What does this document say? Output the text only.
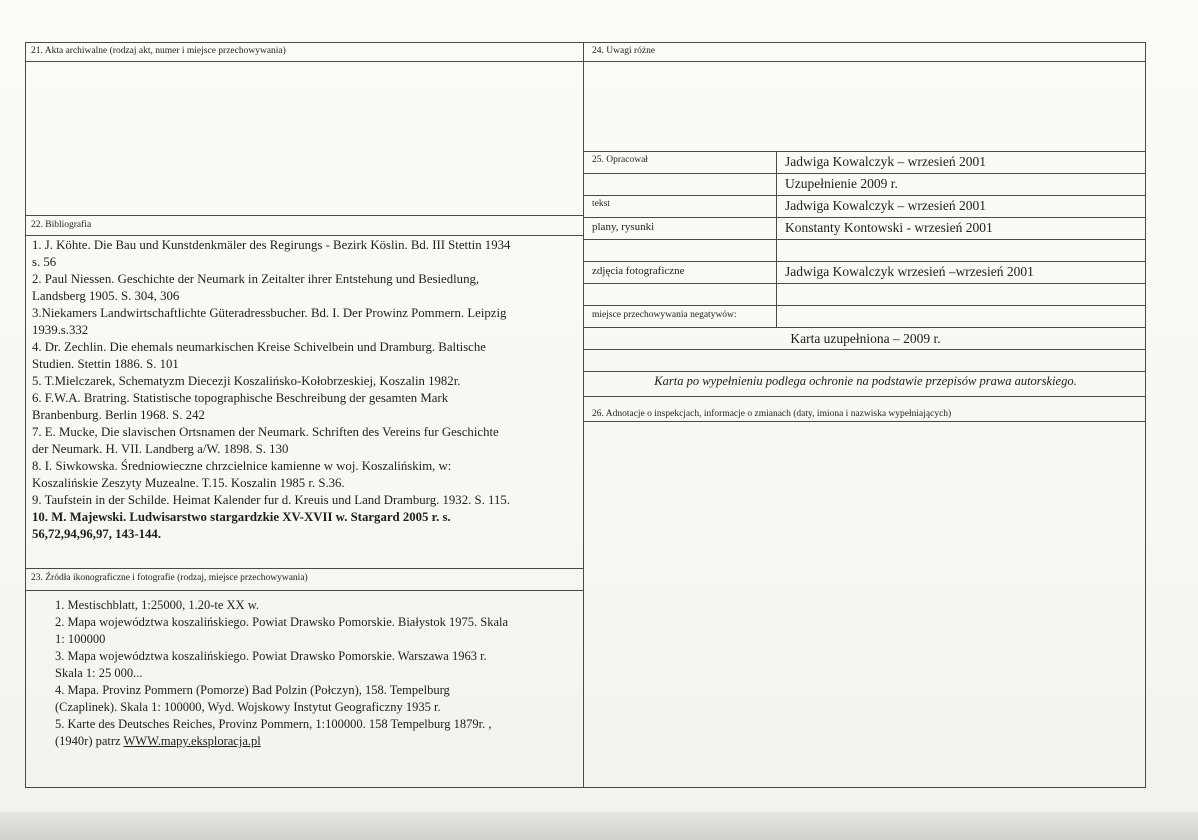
21. Akta archiwalne (rodzaj akt, numer i miejsce przechowywania)
22. Bibliografia
1. J. Köhte. Die Bau und Kunstdenkmäler des Regirungs - Bezirk Köslin. Bd. III Stettin 1934
s. 56
2. Paul Niessen. Geschichte der Neumark in Zeitalter ihrer Entstehung und Besiedlung,
Landsberg 1905. S. 304, 306
3.Niekamers Landwirtschaftlichte Güteradressbucher. Bd. I. Der Prowinz Pommern. Leipzig
1939.s.332
4. Dr. Zechlin. Die ehemals neumarkischen Kreise Schivelbein und Dramburg. Baltische
Studien. Stettin 1886. S. 101
5. T.Mielczarek, Schematyzm Diecezji Koszalińsko-Kołobrzeskiej, Koszalin 1982r.
6. F.W.A. Bratring. Statistische topographische Beschreibung der gesamten Mark
Branbenburg. Berlin 1968. S. 242
7. E. Mucke, Die slavischen Ortsnamen der Neumark. Schriften des Vereins fur Geschichte
der Neumark. H. VII. Landberg a/W. 1898. S. 130
8. I. Siwkowska. Średniowieczne chrzcielnice kamienne w woj. Koszalińskim, w:
Koszalińskie Zeszyty Muzealne. T.15. Koszalin 1985 r. S.36.
9. Taufstein in der Schilde. Heimat Kalender fur d. Kreuis und Land Dramburg. 1932. S. 115.
10. M. Majewski. Ludwisarstwo stargardzkie XV-XVII w. Stargard 2005 r. s.
56,72,94,96,97, 143-144.
23. Źródła ikonograficzne i fotografie (rodzaj, miejsce przechowywania)
1. Mestischblatt, 1:25000, 1.20-te XX w.
2. Mapa województwa koszalińskiego. Powiat Drawsko Pomorskie. Białystok 1975. Skala
1: 100000
3. Mapa województwa koszalińskiego. Powiat Drawsko Pomorskie. Warszawa 1963 r.
Skala 1: 25 000...
4. Mapa. Provinz Pommern (Pomorze) Bad Polzin (Połczyn), 158. Tempelburg
(Czaplinek). Skala 1: 100000, Wyd. Wojskowy Instytut Geograficzny 1935 r.
5. Karte des Deutsches Reiches, Provinz Pommern, 1:100000. 158 Tempelburg 1879r. ,
(1940r) patrz WWW.mapy.eksploracja.pl
24. Uwagi różne
25. Opracował	Jadwiga Kowalczyk – wrzesień 2001
Uzupełnienie 2009 r.
tekst	Jadwiga Kowalczyk – wrzesień 2001
plany, rysunki	Konstanty Kontowski - wrzesień 2001
zdjęcia fotograficzne	Jadwiga Kowalczyk wrzesień –wrzesień 2001
miejsce przechowywania negatywów:
Karta uzupełniona – 2009 r.
Karta po wypełnieniu podlega ochronie na podstawie przepisów prawa autorskiego.
26. Adnotacje o inspekcjach, informacje o zmianach (daty, imiona i nazwiska wypełniających)
